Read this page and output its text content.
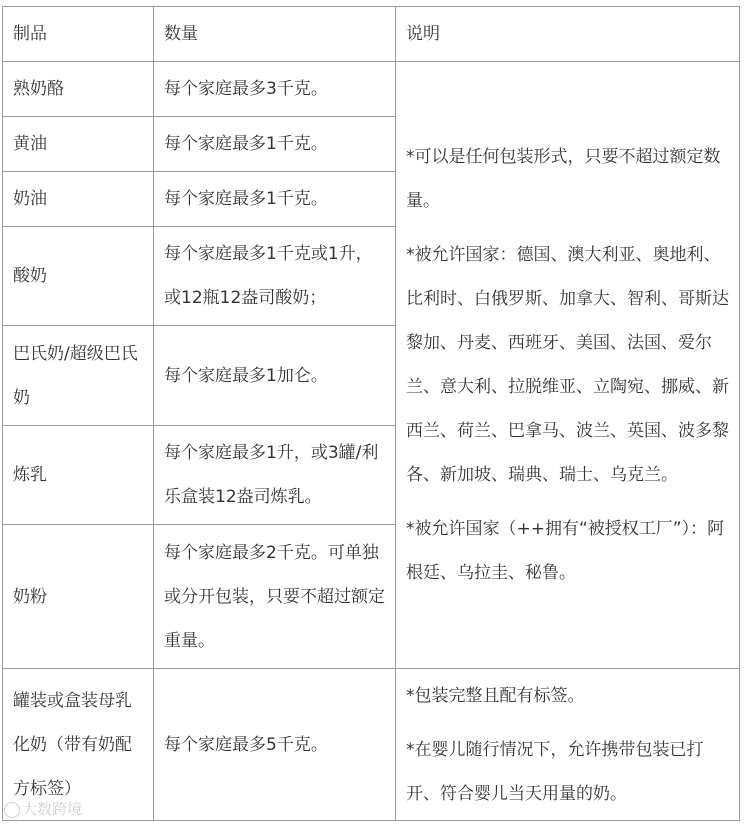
制品	数量	说明
熟奶酪	每个家庭最多3千克。	*可以是任何包装形式，只要不超过额定数量。

*被允许国家：德国、澳大利亚、奥地利、比利时、白俄罗斯、加拿大、智利、哥斯达黎加、丹麦、西班牙、美国、法国、爱尔兰、意大利、拉脱维亚、立陶宛、挪威、新西兰、荷兰、巴拿马、波兰、英国、波多黎各、新加坡、瑞典、瑞士、乌克兰。

*被允许国家（++拥有“被授权工厂”）：阿根廷、乌拉圭、秘鲁。

黄油	每个家庭最多1千克。	
奶油	每个家庭最多1千克。	
酸奶	每个家庭最多1千克或1升，或12瓶12盎司酸奶；	
巴氏奶/超级巴氏奶	每个家庭最多1加仑。	
炼乳	每个家庭最多1升，或3罐/利乐盒装12盎司炼乳。	
奶粉	每个家庭最多2千克。可单独或分开包装，只要不超过额定重量。	
罐装或盒装母乳化奶（带有奶配方标签）	每个家庭最多5千克。	*包装完整且配有标签。

*在婴儿随行情况下，允许携带包装已打开、符合婴儿当天用量的奶。

大数跨境
